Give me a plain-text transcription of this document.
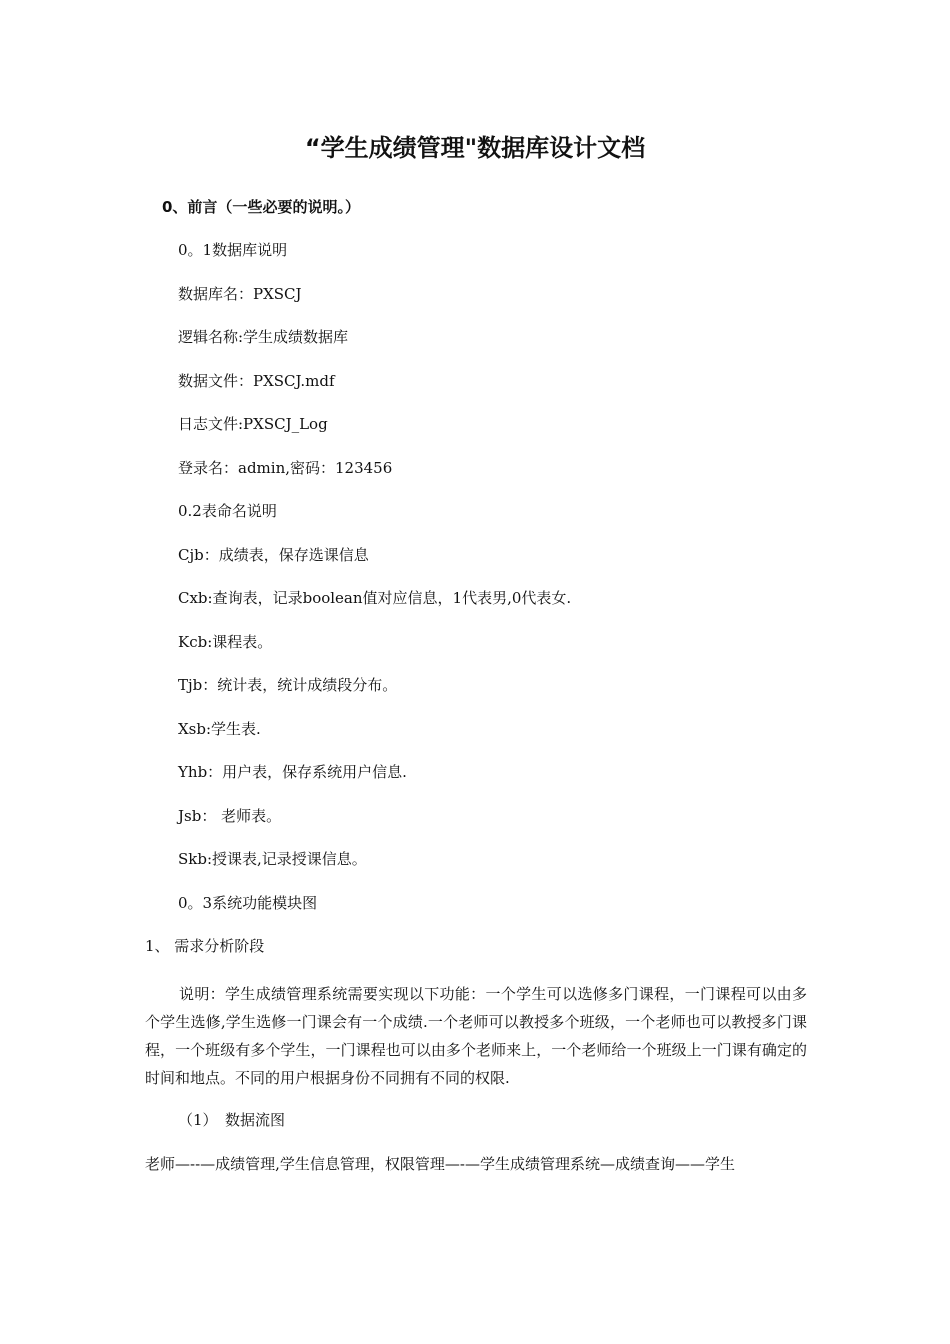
“学生成绩管理"数据库设计文档
0、前言（一些必要的说明。）
0。1数据库说明
数据库名：PXSCJ
逻辑名称:学生成绩数据库
数据文件：PXSCJ.mdf
日志文件:PXSCJ_Log
登录名：admin,密码：123456
0.2表命名说明
Cjb：成绩表，保存选课信息
Cxb:查询表，记录boolean值对应信息，1代表男,0代表女.
Kcb:课程表。
Tjb：统计表，统计成绩段分布。
Xsb:学生表.
Yhb：用户表，保存系统用户信息.
Jsb： 老师表。
Skb:授课表,记录授课信息。
0。3系统功能模块图
1、 需求分析阶段
说明：学生成绩管理系统需要实现以下功能：一个学生可以选修多门课程，一门课程可以由多个学生选修,学生选修一门课会有一个成绩.一个老师可以教授多个班级，一个老师也可以教授多门课程，一个班级有多个学生，一门课程也可以由多个老师来上，一个老师给一个班级上一门课有确定的时间和地点。不同的用户根据身份不同拥有不同的权限.
（1）　数据流图
老师—--—成绩管理,学生信息管理，权限管理—-—学生成绩管理系统—成绩查询——学生
